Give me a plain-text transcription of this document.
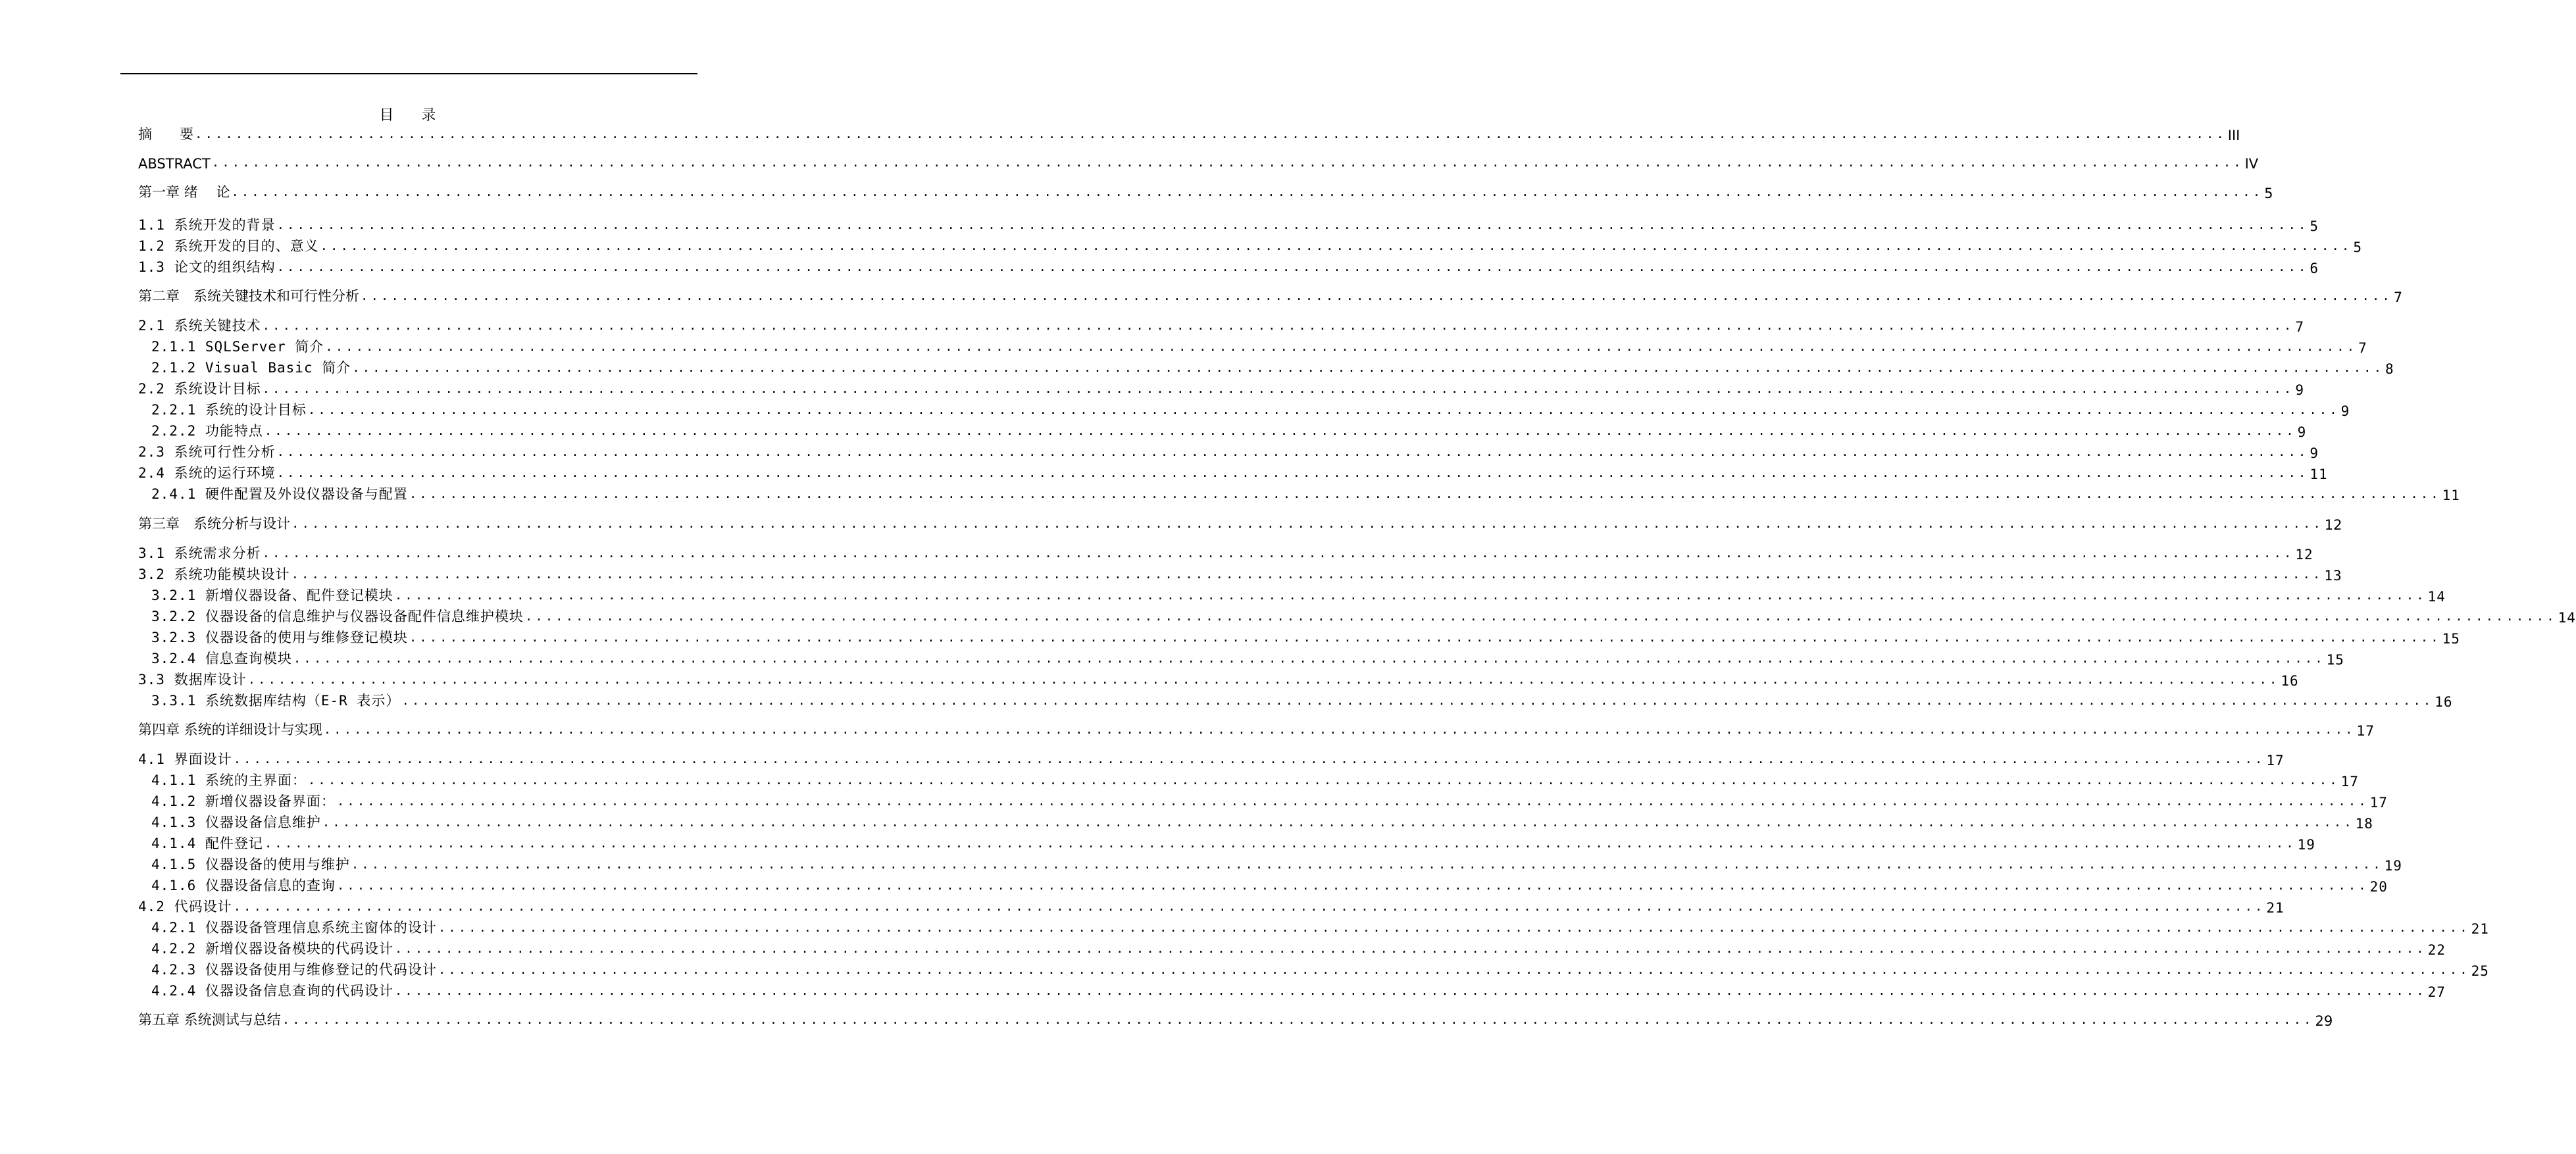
目 录
摘　　要 ........................................................................................................................................................................................................ III
ABSTRACT ........................................................................................................................................................................................................ IV
第一章 绪　 论 ........................................................................................................................................................................................................ 5
1.1 系统开发的背景 ........................................................................................................................................................................................................ 5
1.2 系统开发的目的、意义 ........................................................................................................................................................................................................ 5
1.3 论文的组织结构 ........................................................................................................................................................................................................ 6
第二章　系统关键技术和可行性分析 ........................................................................................................................................................................................................ 7
2.1 系统关键技术 ........................................................................................................................................................................................................ 7
2.1.1 SQLServer 简介 ........................................................................................................................................................................................................ 7
2.1.2 Visual Basic 简介 ........................................................................................................................................................................................................ 8
2.2 系统设计目标 ........................................................................................................................................................................................................ 9
2.2.1 系统的设计目标 ........................................................................................................................................................................................................ 9
2.2.2 功能特点 ........................................................................................................................................................................................................ 9
2.3 系统可行性分析 ........................................................................................................................................................................................................ 9
2.4 系统的运行环境 ........................................................................................................................................................................................................ 11
2.4.1 硬件配置及外设仪器设备与配置 ........................................................................................................................................................................................................ 11
第三章　系统分析与设计 ........................................................................................................................................................................................................ 12
3.1 系统需求分析 ........................................................................................................................................................................................................ 12
3.2 系统功能模块设计 ........................................................................................................................................................................................................ 13
3.2.1 新增仪器设备、配件登记模块 ........................................................................................................................................................................................................ 14
3.2.2 仪器设备的信息维护与仪器设备配件信息维护模块 ........................................................................................................................................................................................................ 14
3.2.3 仪器设备的使用与维修登记模块 ........................................................................................................................................................................................................ 15
3.2.4 信息查询模块 ........................................................................................................................................................................................................ 15
3.3 数据库设计 ........................................................................................................................................................................................................ 16
3.3.1 系统数据库结构（E-R 表示） ........................................................................................................................................................................................................ 16
第四章 系统的详细设计与实现 ........................................................................................................................................................................................................ 17
4.1 界面设计 ........................................................................................................................................................................................................ 17
4.1.1 系统的主界面： ........................................................................................................................................................................................................ 17
4.1.2 新增仪器设备界面： ........................................................................................................................................................................................................ 17
4.1.3 仪器设备信息维护 ........................................................................................................................................................................................................ 18
4.1.4 配件登记 ........................................................................................................................................................................................................ 19
4.1.5 仪器设备的使用与维护 ........................................................................................................................................................................................................ 19
4.1.6 仪器设备信息的查询 ........................................................................................................................................................................................................ 20
4.2 代码设计 ........................................................................................................................................................................................................ 21
4.2.1 仪器设备管理信息系统主窗体的设计 ........................................................................................................................................................................................................ 21
4.2.2 新增仪器设备模块的代码设计 ........................................................................................................................................................................................................ 22
4.2.3 仪器设备使用与维修登记的代码设计 ........................................................................................................................................................................................................ 25
4.2.4 仪器设备信息查询的代码设计 ........................................................................................................................................................................................................ 27
第五章 系统测试与总结 ........................................................................................................................................................................................................ 29
